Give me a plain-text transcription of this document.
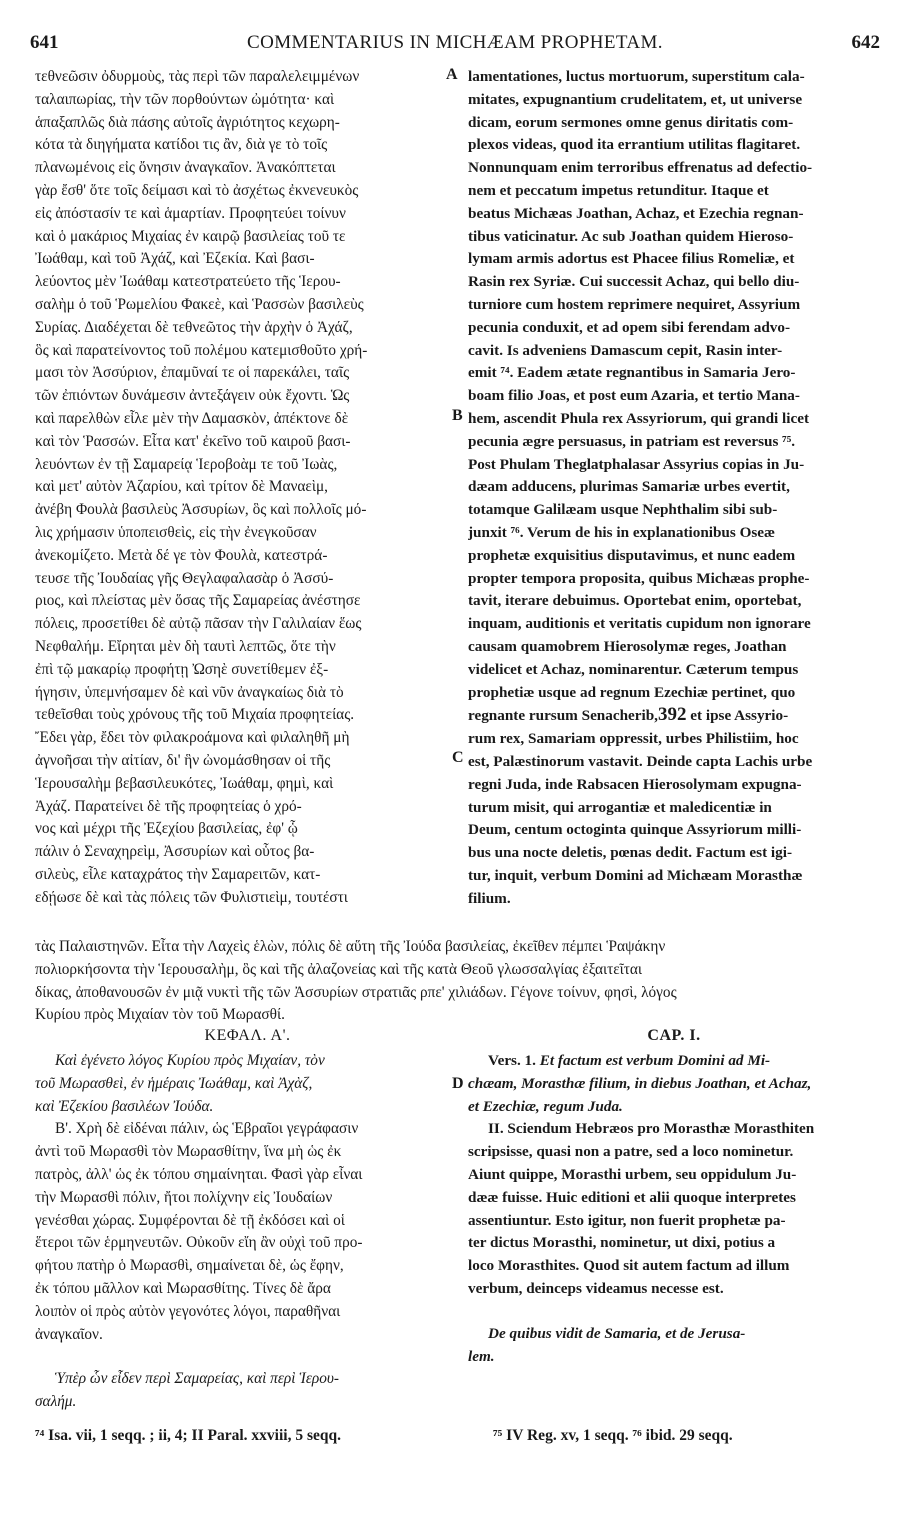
641	COMMENTARIUS IN MICHÆAM PROPHETAM.	642
A
B
C
D
τεθνεῶσιν ὀδυρμοὺς, τὰς περὶ τῶν παραλελειμμένων
ταλαιπωρίας, τὴν τῶν πορθούντων ὠμότητα· καὶ
ἁπαξαπλῶς διὰ πάσης αὐτοῖς ἀγριότητος κεχωρη-
κότα τὰ διηγήματα κατίδοι τις ἂν, διὰ γε τὸ τοῖς
πλανωμένοις εἰς ὄνησιν ἀναγκαῖον. Ἀνακόπτεται
γὰρ ἔσθ' ὅτε τοῖς δείμασι καὶ τὸ ἀσχέτως ἐκνενευκὸς
εἰς ἀπόστασίν τε καὶ ἁμαρτίαν. Προφητεύει τοίνυν
καὶ ὁ μακάριος Μιχαίας ἐν καιρῷ βασιλείας τοῦ τε
Ἰωάθαμ, καὶ τοῦ Ἀχάζ, καὶ Ἐζεκία. Καὶ βασι-
λεύοντος μὲν Ἰωάθαμ κατεστρατεύετο τῆς Ἱερου-
σαλὴμ ὁ τοῦ Ῥωμελίου Φακεὲ, καὶ Ῥασσὼν βασιλεὺς
Συρίας. Διαδέχεται δὲ τεθνεῶτος τὴν ἀρχὴν ὁ Ἀχάζ,
ὃς καὶ παρατείνοντος τοῦ πολέμου κατεμισθοῦτο χρή-
μασι τὸν Ἀσσύριον, ἐπαμῦναί τε οἱ παρεκάλει, ταῖς
τῶν ἐπιόντων δυνάμεσιν ἀντεξάγειν οὐκ ἔχοντι. Ὡς
καὶ παρελθὼν εἷλε μὲν τὴν Δαμασκὸν, ἀπέκτονε δὲ
καὶ τὸν Ῥασσών. Εἶτα κατ' ἐκεῖνο τοῦ καιροῦ βασι-
λευόντων ἐν τῇ Σαμαρείᾳ Ἱεροβοὰμ τε τοῦ Ἰωὰς,
καὶ μετ' αὐτὸν Ἀζαρίου, καὶ τρίτον δὲ Μαναεὶμ,
ἀνέβη Φουλὰ βασιλεὺς Ἀσσυρίων, ὃς καὶ πολλοῖς μό-
λις χρήμασιν ὑποπεισθεὶς, εἰς τὴν ἐνεγκοῦσαν
ἀνεκομίζετο. Μετὰ δέ γε τὸν Φουλὰ, κατεστρά-
τευσε τῆς Ἰουδαίας γῆς Θεγλαφαλασὰρ ὁ Ἀσσύ-
ριος, καὶ πλείστας μὲν ὅσας τῆς Σαμαρείας ἀνέστησε
πόλεις, προσετίθει δὲ αὐτῷ πᾶσαν τὴν Γαλιλαίαν ἕως
Νεφθαλήμ. Εἴρηται μὲν δὴ ταυτὶ λεπτῶς, ὅτε τὴν
ἐπὶ τῷ μακαρίῳ προφήτῃ Ὠσηὲ συνετίθεμεν ἐξ-
ήγησιν, ὑπεμνήσαμεν δὲ καὶ νῦν ἀναγκαίως διὰ τὸ
τεθεῖσθαι τοὺς χρόνους τῆς τοῦ Μιχαία προφητείας.
Ἔδει γὰρ, ἔδει τὸν φιλακροάμονα καὶ φιλαληθῆ μὴ
ἀγνοῆσαι τὴν αἰτίαν, δι' ἣν ὠνομάσθησαν οἱ τῆς
Ἱερουσαλὴμ βεβασιλευκότες, Ἰωάθαμ, φημὶ, καὶ
Ἀχάζ. Παρατείνει δὲ τῆς προφητείας ὁ χρό-
νος καὶ μέχρι τῆς Ἐζεχίου βασιλείας, ἐφ' ᾧ
πάλιν ὁ Σεναχηρεὶμ, Ἀσσυρίων καὶ οὗτος βα-
σιλεὺς, εἷλε καταχράτος τὴν Σαμαρειτῶν, κατ-
εδῄωσε δὲ καὶ τὰς πόλεις τῶν Φυλιστιεὶμ, τουτέστι
lamentationes, luctus mortuorum, superstitum cala-
mitates, expugnantium crudelitatem, et, ut universe
dicam, eorum sermones omne genus diritatis com-
plexos videas, quod ita errantium utilitas flagitaret.
Nonnunquam enim terroribus effrenatus ad defectio-
nem et peccatum impetus retunditur. Itaque et
beatus Michæas Joathan, Achaz, et Ezechia regnan-
tibus vaticinatur. Ac sub Joathan quidem Hieroso-
lymam armis adortus est Phacee filius Romeliæ, et
Rasin rex Syriæ. Cui successit Achaz, qui bello diu-
turniore cum hostem reprimere nequiret, Assyrium
pecunia conduxit, et ad opem sibi ferendam advo-
cavit. Is adveniens Damascum cepit, Rasin inter-
emit ⁷⁴. Eadem ætate regnantibus in Samaria Jero-
boam filio Joas, et post eum Azaria, et tertio Mana-
hem, ascendit Phula rex Assyriorum, qui grandi licet
pecunia ægre persuasus, in patriam est reversus ⁷⁵.
Post Phulam Theglatphalasar Assyrius copias in Ju-
dæam adducens, plurimas Samariæ urbes evertit,
totamque Galilæam usque Nephthalim sibi sub-
junxit ⁷⁶. Verum de his in explanationibus Oseæ
prophetæ exquisitius disputavimus, et nunc eadem
propter tempora proposita, quibus Michæas prophe-
tavit, iterare debuimus. Oportebat enim, oportebat,
inquam, auditionis et veritatis cupidum non ignorare
causam quamobrem Hierosolymæ reges, Joathan
videlicet et Achaz, nominarentur. Cæterum tempus
prophetiæ usque ad regnum Ezechiæ pertinet, quo
regnante rursum Senacherib,392 et ipse Assyrio-
rum rex, Samariam oppressit, urbes Philistiim, hoc
est, Palæstinorum vastavit. Deinde capta Lachis urbe
regni Juda, inde Rabsacen Hierosolymam expugna-
turum misit, qui arrogantiæ et maledicentiæ in
Deum, centum octoginta quinque Assyriorum milli-
bus una nocte deletis, pœnas dedit. Factum est igi-
tur, inquit, verbum Domini ad Michæam Morasthæ
filium.
τὰς Παλαιστηνῶν. Εἶτα τὴν Λαχεὶς ἑλὼν, πόλις δὲ αὕτη τῆς Ἰούδα βασιλείας, ἐκεῖθεν πέμπει Ῥαψάκην
πολιορκήσοντα τὴν Ἱερουσαλὴμ, ὃς καὶ τῆς ἀλαζονείας καὶ τῆς κατὰ Θεοῦ γλωσσαλγίας ἐξαιτεῖται
δίκας, ἀποθανουσῶν ἐν μιᾷ νυκτὶ τῆς τῶν Ἀσσυρίων στρατιᾶς ρπε' χιλιάδων. Γέγονε τοίνυν, φησὶ, λόγος
Κυρίου πρὸς Μιχαίαν τὸν τοῦ Μωρασθί.
ΚΕΦΑΛ. Α'.	CAP. I.
Καὶ ἐγένετο λόγος Κυρίου πρὸς Μιχαίαν, τὸν
τοῦ Μωρασθεὶ, ἐν ἡμέραις Ἰωάθαμ, καὶ Ἀχὰζ,
καὶ Ἐζεκίου βασιλέων Ἰούδα.
Β'. Χρὴ δὲ εἰδέναι πάλιν, ὡς Ἑβραῖοι γεγράφασιν
ἀντὶ τοῦ Μωρασθὶ τὸν Μωρασθίτην, ἵνα μὴ ὡς ἐκ
πατρὸς, ἀλλ' ὡς ἐκ τόπου σημαίνηται. Φασὶ γὰρ εἶναι
τὴν Μωρασθὶ πόλιν, ἤτοι πολίχνην εἰς Ἰουδαίων
γενέσθαι χώρας. Συμφέρονται δὲ τῇ ἐκδόσει καὶ οἱ
ἕτεροι τῶν ἑρμηνευτῶν. Οὐκοῦν εἴη ἂν οὐχὶ τοῦ προ-
φήτου πατὴρ ὁ Μωρασθὶ, σημαίνεται δὲ, ὡς ἔφην,
ἐκ τόπου μᾶλλον καὶ Μωρασθίτης. Τίνες δὲ ἄρα
λοιπὸν οἱ πρὸς αὐτὸν γεγονότες λόγοι, παραθῆναι
ἀναγκαῖον.
Ὑπὲρ ὧν εἶδεν περὶ Σαμαρείας, καὶ περὶ Ἱερου-
σαλήμ.
Vers. 1. Et factum est verbum Domini ad Mi-
chæam, Morasthæ filium, in diebus Joathan, et Achaz,
et Ezechiæ, regum Juda.
II. Sciendum Hebræos pro Morasthæ Morasthiten
scripsisse, quasi non a patre, sed a loco nominetur.
Aiunt quippe, Morasthi urbem, seu oppidulum Ju-
dææ fuisse. Huic editioni et alii quoque interpretes
assentiuntur. Esto igitur, non fuerit prophetæ pa-
ter dictus Morasthi, nominetur, ut dixi, potius a
loco Morasthites. Quod sit autem factum ad illum
verbum, deinceps videamus necesse est.
De quibus vidit de Samaria, et de Jerusa-
lem.
⁷⁴ Isa. vii, 1 seqq. ; ii, 4; II Paral. xxviii, 5 seqq.	⁷⁵ IV Reg. xv, 1 seqq. ⁷⁶ ibid. 29 seqq.
